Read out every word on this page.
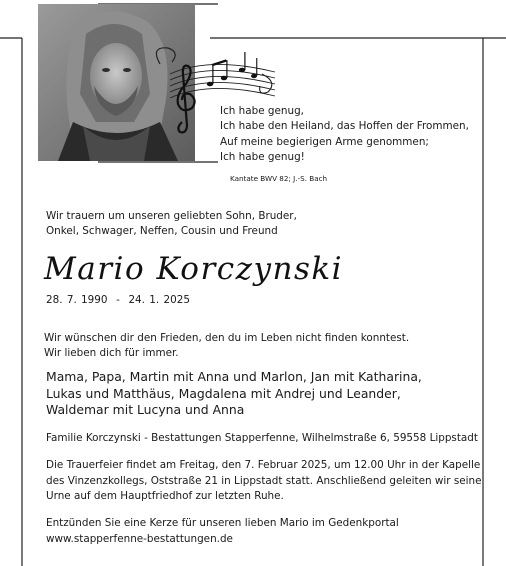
Ich habe genug,
Ich habe den Heiland, das Hoffen der Frommen,
Auf meine begierigen Arme genommen;
Ich habe genug!
Kantate BWV 82; J.-S. Bach
Wir trauern um unseren geliebten Sohn, Bruder,
Onkel, Schwager, Neffen, Cousin und Freund
Mario Korczynski
28. 7. 1990  -  24. 1. 2025
Wir wünschen dir den Frieden, den du im Leben nicht finden konntest.
Wir lieben dich für immer.
Mama, Papa, Martin mit Anna und Marlon, Jan mit Katharina,
Lukas und Matthäus, Magdalena mit Andrej und Leander,
Waldemar mit Lucyna und Anna
Familie Korczynski - Bestattungen Stapperfenne, Wilhelmstraße 6, 59558 Lippstadt
Die Trauerfeier findet am Freitag, den 7. Februar 2025, um 12.00 Uhr in der Kapelle
des Vinzenzkollegs, Oststraße 21 in Lippstadt statt. Anschließend geleiten wir seine
Urne auf dem Hauptfriedhof zur letzten Ruhe.
Entzünden Sie eine Kerze für unseren lieben Mario im Gedenkportal
www.stapperfenne-bestattungen.de
